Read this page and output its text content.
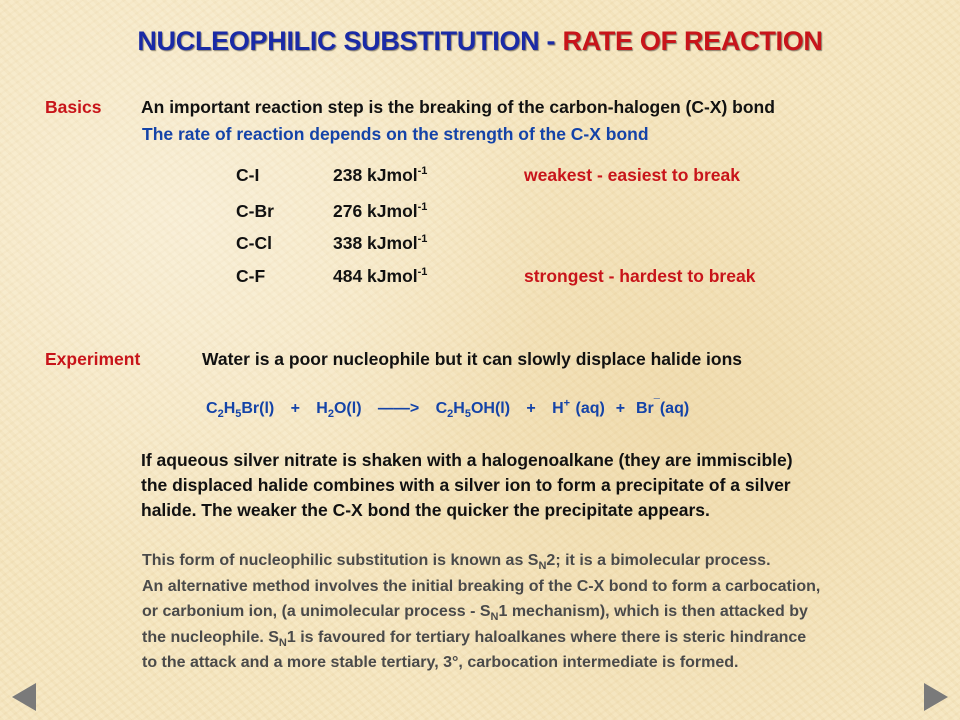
NUCLEOPHILIC SUBSTITUTION - RATE OF REACTION
Basics An important reaction step is the breaking of the carbon-halogen (C-X) bond
The rate of reaction depends on the strength of the C-X bond
C-I	238 kJmol$^{-1}$	weakest - easiest to break
C-Br	276 kJmol$^{-1}$
C-Cl	338 kJmol$^{-1}$
C-F	484 kJmol$^{-1}$	strongest - hardest to break
Experiment	Water is a poor nucleophile but it can slowly displace halide ions
$C_2H_5Br(l) + H_2O(l)$ ——> $C_2H_5OH(l) + H^+$ (aq) + Br¯(aq)
If aqueous silver nitrate is shaken with a halogenoalkane (they are immiscible)
the displaced halide combines with a silver ion to form a precipitate of a silver
halide. The weaker the C-X bond the quicker the precipitate appears.
This form of nucleophilic substitution is known as $S_N2$; it is a bimolecular process.
An alternative method involves the initial breaking of the C-X bond to form a carbocation,
or carbonium ion, (a unimolecular process - $S_N1$ mechanism), which is then attacked by
the nucleophile. $S_N1$ is favoured for tertiary haloalkanes where there is steric hindrance
to the attack and a more stable tertiary, 3°, carbocation intermediate is formed.
